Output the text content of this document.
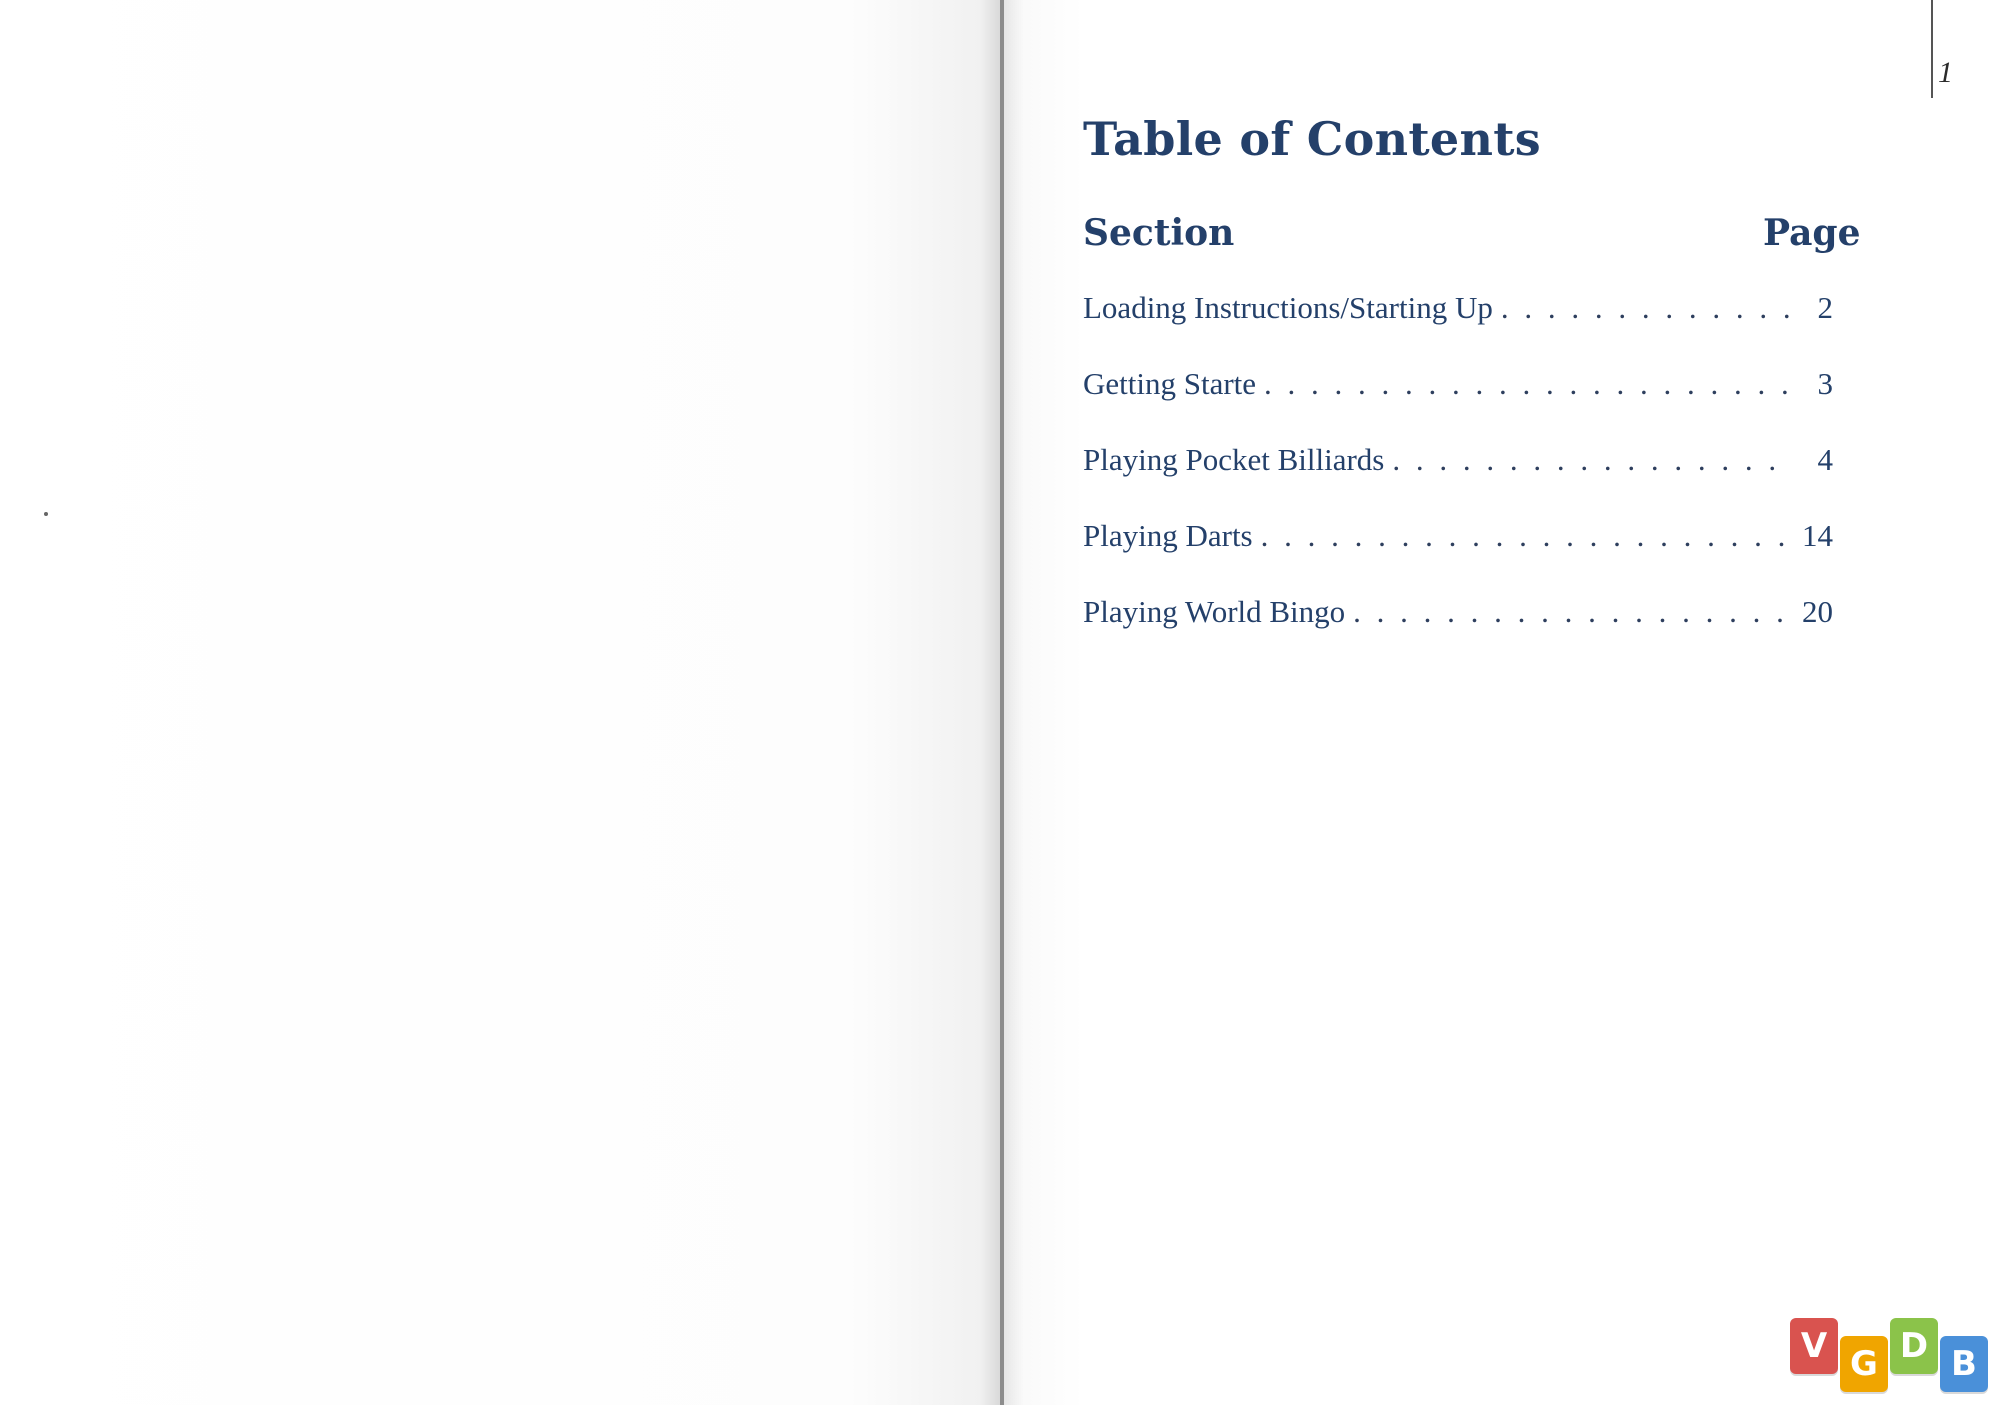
1
Table of Contents
Section	Page
Loading Instructions/Starting Up . . .	2
Getting Starte . . .	3
Playing Pocket Billiards . . .	4
Playing Darts . . .	14
Playing World Bingo . . .	20
V G D B
